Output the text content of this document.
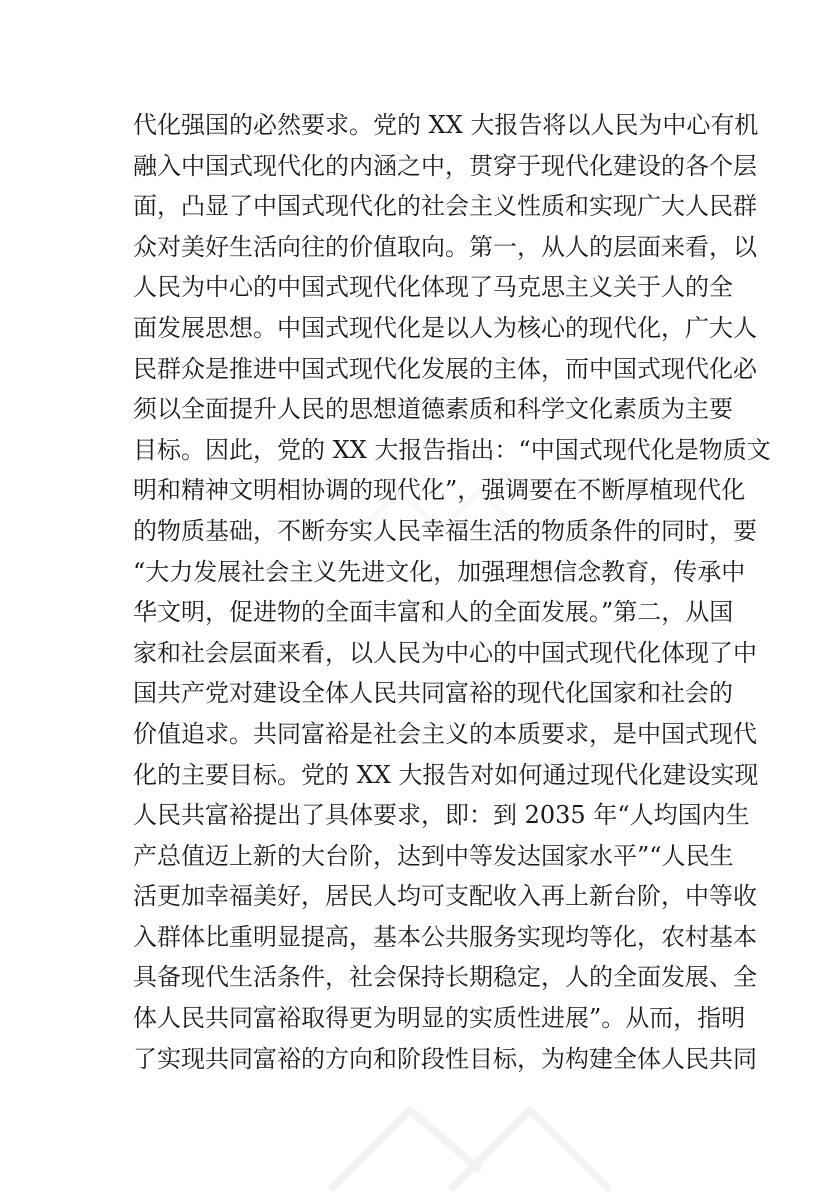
代化强国的必然要求。党的 XX 大报告将以人民为中心有机
融入中国式现代化的内涵之中，贯穿于现代化建设的各个层
面，凸显了中国式现代化的社会主义性质和实现广大人民群
众对美好生活向往的价值取向。第一，从人的层面来看，以
人民为中心的中国式现代化体现了马克思主义关于人的全
面发展思想。中国式现代化是以人为核心的现代化，广大人
民群众是推进中国式现代化发展的主体，而中国式现代化必
须以全面提升人民的思想道德素质和科学文化素质为主要
目标。因此，党的 XX 大报告指出：“中国式现代化是物质文
明和精神文明相协调的现代化”，强调要在不断厚植现代化
的物质基础，不断夯实人民幸福生活的物质条件的同时，要
“大力发展社会主义先进文化，加强理想信念教育，传承中
华文明，促进物的全面丰富和人的全面发展。”第二，从国
家和社会层面来看，以人民为中心的中国式现代化体现了中
国共产党对建设全体人民共同富裕的现代化国家和社会的
价值追求。共同富裕是社会主义的本质要求，是中国式现代
化的主要目标。党的 XX 大报告对如何通过现代化建设实现
人民共富裕提出了具体要求，即：到 2035 年“人均国内生
产总值迈上新的大台阶，达到中等发达国家水平”“人民生
活更加幸福美好，居民人均可支配收入再上新台阶，中等收
入群体比重明显提高，基本公共服务实现均等化，农村基本
具备现代生活条件，社会保持长期稳定，人的全面发展、全
体人民共同富裕取得更为明显的实质性进展”。从而，指明
了实现共同富裕的方向和阶段性目标，为构建全体人民共同
